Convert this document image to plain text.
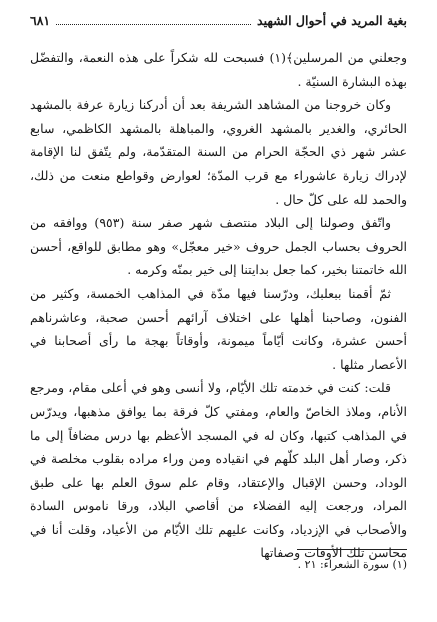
بغية المريد في أحوال الشهيد
٦٨١

وجعلني من المرسلين﴾(١) فسبحت لله شكراً على هذه النعمة، والتفضّل بهذه البشارة السنيّة .

وكان خروجنا من المشاهد الشريفة بعد أن أدركنا زيارة عرفة بالمشهد الحائري، والغدير بالمشهد الغروي، والمباهلة بالمشهد الكاظمي، سابع عشر شهر ذي الحجّة الحرام من السنة المتقدّمة، ولم يتّفق لنا الإقامة لإدراك زيارة عاشوراء مع قرب المدّة؛ لعوارض وقواطع منعت من ذلك، والحمد لله على كلّ حال .

واتّفق وصولنا إلى البلاد منتصف شهر صفر سنة (٩٥٣) ووافقه من الحروف بحساب الجمل حروف «خير معجّل» وهو مطابق للواقع، أحسن الله خاتمتنا بخير، كما جعل بدايتنا إلى خير بمنّه وكرمه .

ثمّ أقمنا ببعلبك، ودرّسنا فيها مدّة في المذاهب الخمسة، وكثير من الفنون، وصاحبنا أهلها على اختلاف آرائهم أحسن صحبة، وعاشرناهم أحسن عشرة، وكانت أيّاماً ميمونة، وأوقاتاً بهجة ما رأى أصحابنا في الأعصار مثلها .

قلت: كنت في خدمته تلك الأيّام، ولا أنسى وهو في أعلى مقام، ومرجع الأنام، وملاذ الخاصّ والعام، ومفتي كلّ فرقة بما يوافق مذهبها، ويدرّس في المذاهب كتبها، وكان له في المسجد الأعظم بها درس مضافاً إلى ما ذكر، وصار أهل البلد كلّهم في انقياده ومن وراء مراده بقلوب مخلصة في الوداد، وحسن الإقبال والإعتقاد، وقام علم سوق العلم بها على طبق المراد، ورجعت إليه الفضلاء من أقاصي البلاد، ورقا ناموس السادة والأصحاب في الإزدياد، وكانت عليهم تلك الأيّام من الأعياد، وقلت أنا في محاسن تلك الأوقات وصفاتها

(١) سورة الشعراء: ٢١ .
